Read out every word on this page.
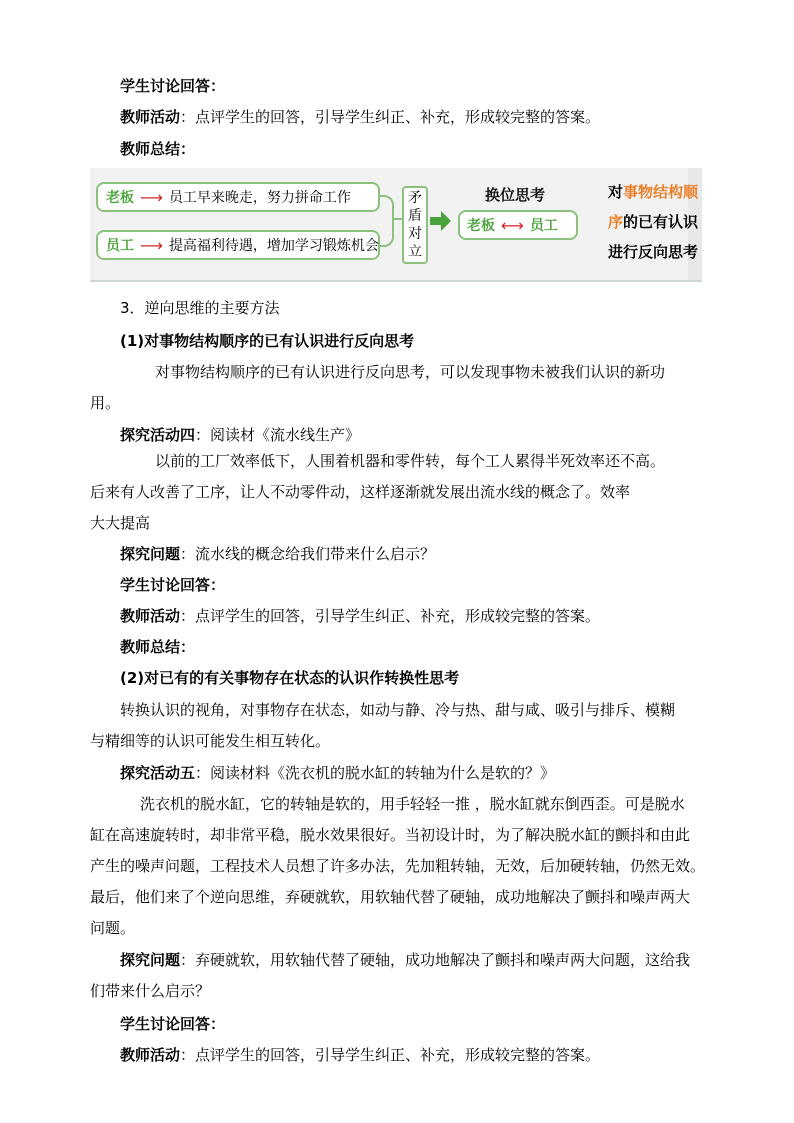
学生讨论回答：
教师活动：点评学生的回答，引导学生纠正、补充，形成较完整的答案。
教师总结：
老板 ⟶ 员工早来晚走，努力拼命工作
员工 ⟶ 提高福利待遇，增加学习锻炼机会
矛
盾
对
立
换位思考
老板 ⟷ 员工
对事物结构顺
序的已有认识
进行反向思考
3．逆向思维的主要方法
(1)对事物结构顺序的已有认识进行反向思考
对事物结构顺序的已有认识进行反向思考，可以发现事物未被我们认识的新功
用。
探究活动四：阅读材《流水线生产》
以前的工厂效率低下，人围着机器和零件转，每个工人累得半死效率还不高。
后来有人改善了工序，让人不动零件动，这样逐渐就发展出流水线的概念了。效率
大大提高
探究问题：流水线的概念给我们带来什么启示？
学生讨论回答：
教师活动：点评学生的回答，引导学生纠正、补充，形成较完整的答案。
教师总结：
(2)对已有的有关事物存在状态的认识作转换性思考
转换认识的视角，对事物存在状态，如动与静、冷与热、甜与咸、吸引与排斥、模糊
与精细等的认识可能发生相互转化。
探究活动五：阅读材料《洗衣机的脱水缸的转轴为什么是软的？》
洗衣机的脱水缸，它的转轴是软的，用手轻轻一推 ，脱水缸就东倒西歪。可是脱水
缸在高速旋转时，却非常平稳，脱水效果很好。当初设计时，为了解决脱水缸的颤抖和由此
产生的噪声问题，工程技术人员想了许多办法，先加粗转轴，无效，后加硬转轴，仍然无效。
最后，他们来了个逆向思维，弃硬就软，用软轴代替了硬轴，成功地解决了颤抖和噪声两大
问题。
探究问题：弃硬就软，用软轴代替了硬轴，成功地解决了颤抖和噪声两大问题，这给我
们带来什么启示？
学生讨论回答：
教师活动：点评学生的回答，引导学生纠正、补充，形成较完整的答案。
